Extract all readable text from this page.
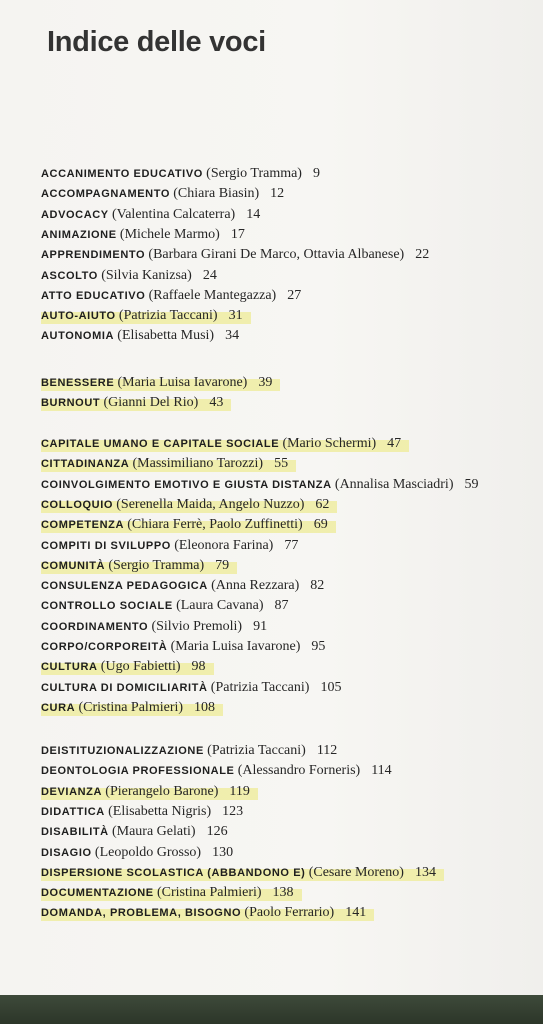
Indice delle voci
ACCANIMENTO EDUCATIVO (Sergio Tramma) 9
ACCOMPAGNAMENTO (Chiara Biasin) 12
ADVOCACY (Valentina Calcaterra) 14
ANIMAZIONE (Michele Marmo) 17
APPRENDIMENTO (Barbara Girani De Marco, Ottavia Albanese) 22
ASCOLTO (Silvia Kanizsa) 24
ATTO EDUCATIVO (Raffaele Mantegazza) 27
AUTO-AIUTO (Patrizia Taccani) 31
AUTONOMIA (Elisabetta Musi) 34
BENESSERE (Maria Luisa Iavarone) 39
BURNOUT (Gianni Del Rio) 43
CAPITALE UMANO E CAPITALE SOCIALE (Mario Schermi) 47
CITTADINANZA (Massimiliano Tarozzi) 55
COINVOLGIMENTO EMOTIVO E GIUSTA DISTANZA (Annalisa Masciadri) 59
COLLOQUIO (Serenella Maida, Angelo Nuzzo) 62
COMPETENZA (Chiara Ferrè, Paolo Zuffinetti) 69
COMPITI DI SVILUPPO (Eleonora Farina) 77
COMUNITÀ (Sergio Tramma) 79
CONSULENZA PEDAGOGICA (Anna Rezzara) 82
CONTROLLO SOCIALE (Laura Cavana) 87
COORDINAMENTO (Silvio Premoli) 91
CORPO/CORPOREITÀ (Maria Luisa Iavarone) 95
CULTURA (Ugo Fabietti) 98
CULTURA DI DOMICILIARITÀ (Patrizia Taccani) 105
CURA (Cristina Palmieri) 108
DEISTITUZIONALIZZAZIONE (Patrizia Taccani) 112
DEONTOLOGIA PROFESSIONALE (Alessandro Forneris) 114
DEVIANZA (Pierangelo Barone) 119
DIDATTICA (Elisabetta Nigris) 123
DISABILITÀ (Maura Gelati) 126
DISAGIO (Leopoldo Grosso) 130
DISPERSIONE SCOLASTICA (ABBANDONO E) (Cesare Moreno) 134
DOCUMENTAZIONE (Cristina Palmieri) 138
DOMANDA, PROBLEMA, BISOGNO (Paolo Ferrario) 141
